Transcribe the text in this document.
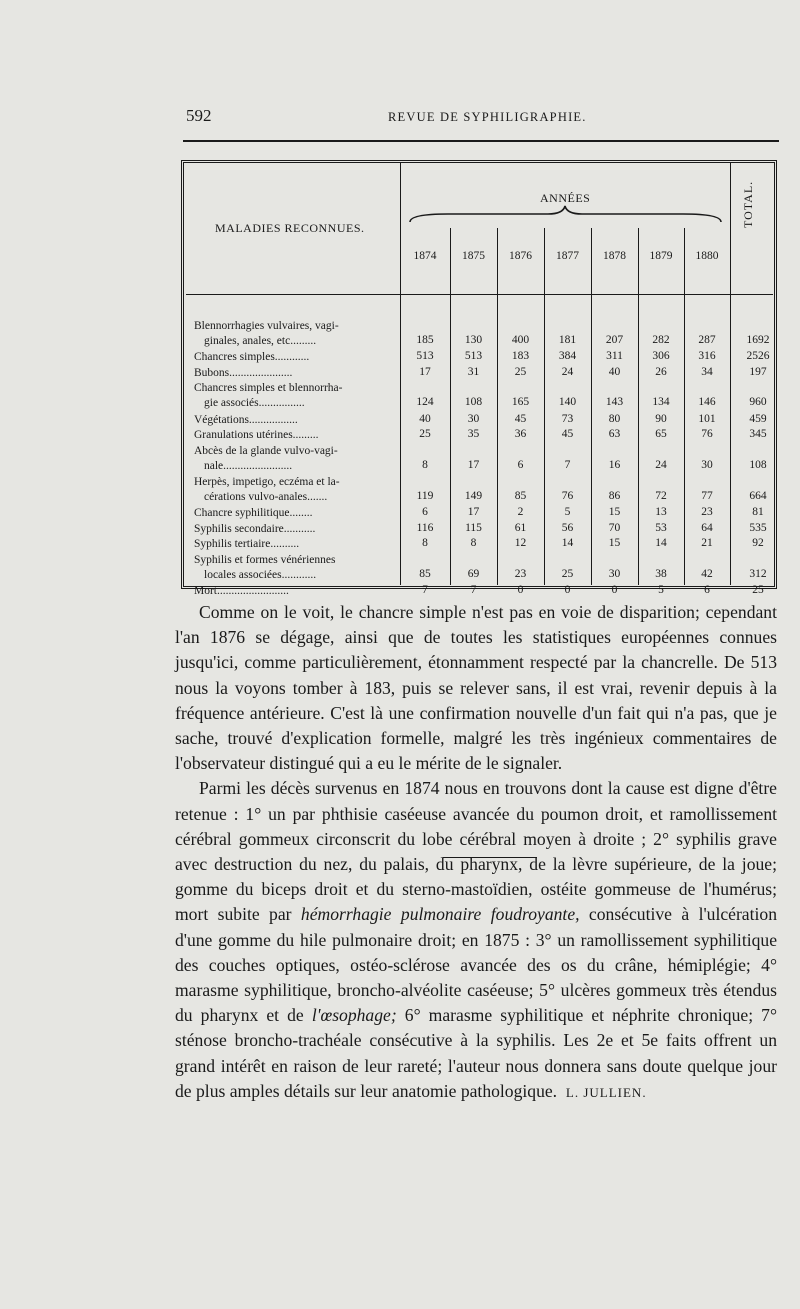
592	REVUE DE SYPHILIGRAPHIE.
1874	1875	1876	1877	1878	1879	1880
Blennorrhagies vulvaires, vagi-
ginales, anales, etc.........	185	130	400	181	207	282	287	1692
Chancres simples............	513	513	183	384	311	306	316	2526
Bubons......................	17	31	25	24	40	26	34	197
Chancres simples et blennorrha-
gie associés................	124	108	165	140	143	134	146	960
Végétations.................	40	30	45	73	80	90	101	459
Granulations utérines.........	25	35	36	45	63	65	76	345
Abcès de la glande vulvo-vagi-
nale........................	8	17	6	7	16	24	30	108
Herpès, impetigo, eczéma et la-
cérations vulvo-anales.......	119	149	85	76	86	72	77	664
Chancre syphilitique........	6	17	2	5	15	13	23	81
Syphilis secondaire...........	116	115	61	56	70	53	64	535
Syphilis tertiaire..........	8	8	12	14	15	14	21	92
Syphilis et formes vénériennes
locales associées............	85	69	23	25	30	38	42	312
Mort.........................	7	7	0	0	0	5	6	25
MALADIES RECONNUES.
ANNÉES	TOTAL.

Comme on le voit, le chancre simple n'est pas en voie de disparition; cependant l'an 1876 se dégage, ainsi que de toutes les statistiques européennes connues jusqu'ici, comme particulièrement, étonnamment respecté par la chancrelle. De 513 nous la voyons tomber à 183, puis se relever sans, il est vrai, revenir depuis à la fréquence antérieure. C'est là une confirmation nouvelle d'un fait qui n'a pas, que je sache, trouvé d'explication formelle, malgré les très ingénieux commentaires de l'observateur distingué qui a eu le mérite de le signaler.

Parmi les décès survenus en 1874 nous en trouvons dont la cause est digne d'être retenue : 1° un par phthisie caséeuse avancée du poumon droit, et ramollissement cérébral gommeux circonscrit du lobe cérébral moyen à droite ; 2° syphilis grave avec destruction du nez, du palais, du pharynx, de la lèvre supérieure, de la joue; gomme du biceps droit et du sterno-mastoïdien, ostéite gommeuse de l'humérus; mort subite par hémorrhagie pulmonaire foudroyante, consécutive à l'ulcération d'une gomme du hile pulmonaire droit; en 1875 : 3° un ramollissement syphilitique des couches optiques, ostéo-sclérose avancée des os du crâne, hémiplégie; 4° marasme syphilitique, broncho-alvéolite caséeuse; 5° ulcères gommeux très étendus du pharynx et de l'œsophage; 6° marasme syphilitique et néphrite chronique; 7° sténose broncho-trachéale consécutive à la syphilis. Les 2e et 5e faits offrent un grand intérêt en raison de leur rareté; l'auteur nous donnera sans doute quelque jour de plus amples détails sur leur anatomie pathologique. L. JULLIEN.
